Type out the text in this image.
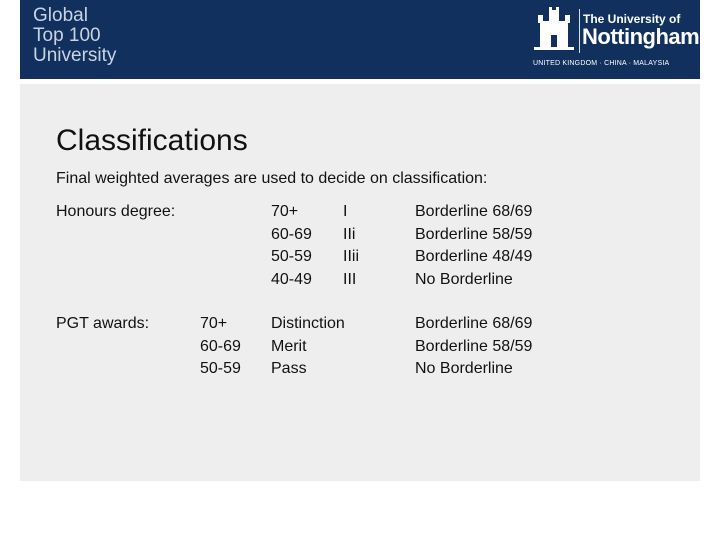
Global
Top 100
University
The University of
Nottingham
UNITED KINGDOM · CHINA · MALAYSIA
Classifications
Final weighted averages are used to decide on classification:
Honours degree:	70+
60-69
50-59
40-49
I
IIi
IIii
III
Borderline 68/69
Borderline 58/59
Borderline 48/49
No Borderline
PGT awards:	70+
60-69
50-59
Distinction
Merit
Pass
Borderline 68/69
Borderline 58/59
No Borderline
